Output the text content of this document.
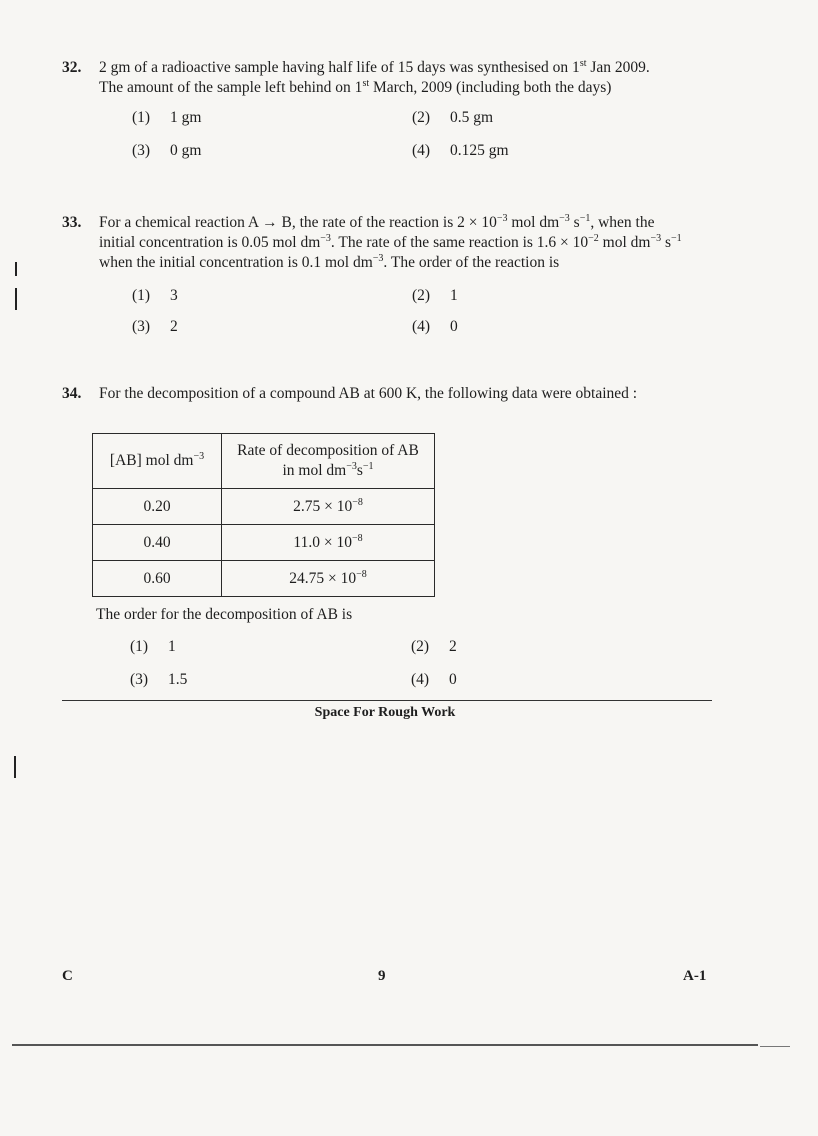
32. 2 gm of a radioactive sample having half life of 15 days was synthesised on 1st Jan 2009.
The amount of the sample left behind on 1st March, 2009 (including both the days)
(1) 1 gm	(2) 0.5 gm
(3) 0 gm	(4) 0.125 gm
33. For a chemical reaction A → B, the rate of the reaction is $2 \times 10^{-3}$ mol $dm^{-3}$ $s^{-1}$, when the
initial concentration is 0.05 mol $dm^{-3}$. The rate of the same reaction is $1.6 \times 10^{-2}$ mol $dm^{-3}$ $s^{-1}$
when the initial concentration is 0.1 mol $dm^{-3}$. The order of the reaction is
(1) 3	(2) 1
(3) 2	(4) 0
34. For the decomposition of a compound AB at 600 K, the following data were obtained :
[AB] mol $dm^{-3}$	Rate of decomposition of AB
in mol $dm^{-3}s^{-1}$

0.20	$2.75 \times 10^{-8}$
0.40	$11.0 \times 10^{-8}$
0.60	$24.75 \times 10^{-8}$
The order for the decomposition of AB is
(1) 1	(2) 2
(3) 1.5	(4) 0
Space For Rough Work
C	9	A-1
